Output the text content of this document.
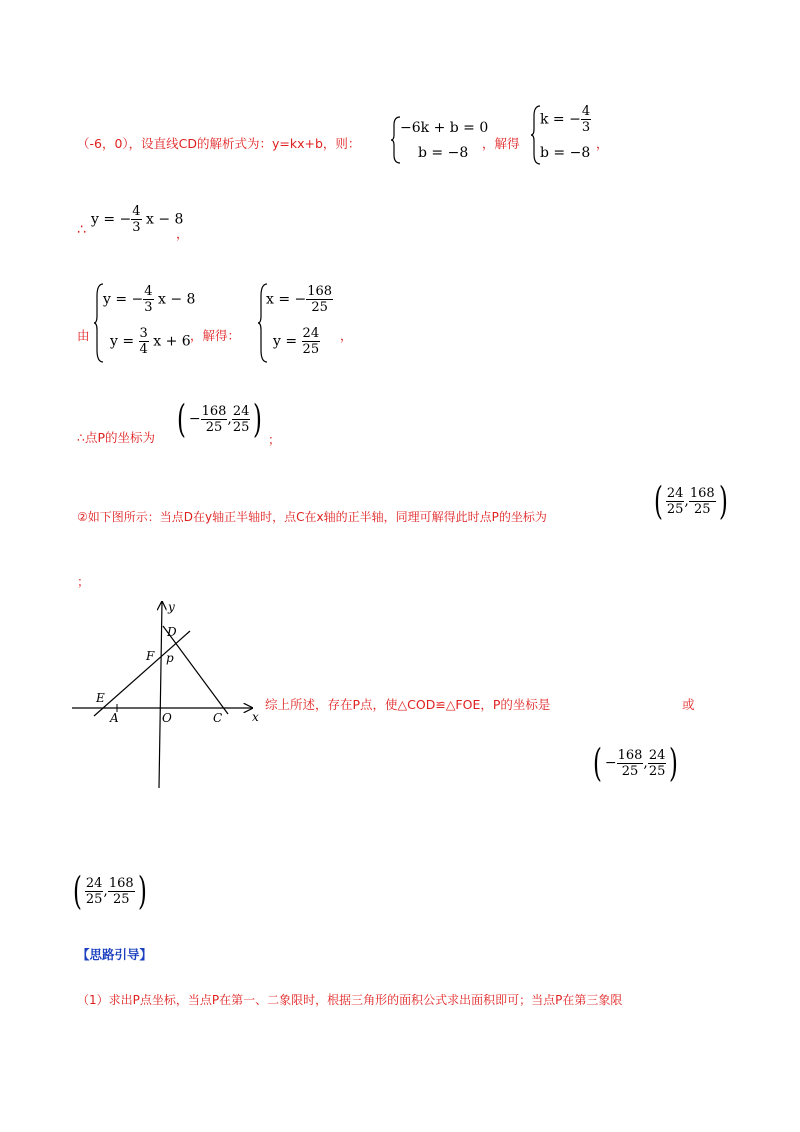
（-6，0），设直线CD的解析式为：y=kx+b，则：
−6k + b = 0
b = −8
，解得
k = − $\frac{4}{3}$
b = −8
，
∴
y = − $\frac{4}{3}$ x − 8
，
由
y = − $\frac{4}{3}$ x − 8
$y = \frac{3}{4}$ x + 6 ，解得：
x = − $\frac{168}{25}$
$y = \frac{24}{25}$ ，
∴点P的坐标为 ( − $\frac{168}{25}$ , $\frac{24}{25}$ ) ；
②如下图所示：当点D在y轴正半轴时，点C在x轴的正半轴，同理可解得此时点P的坐标为	( $\frac{24}{25}$ , $\frac{168}{25}$ )
；
y
x
D
F p
E
A	O	C
综上所述，存在P点，使△COD≌△FOE，P的坐标是	或
( − $\frac{168}{25}$ , $\frac{24}{25}$ )
( $\frac{24}{25}$ , $\frac{168}{25}$ )
【思路引导】
（1）求出P点坐标，当点P在第一、二象限时，根据三角形的面积公式求出面积即可；当点P在第三象限
